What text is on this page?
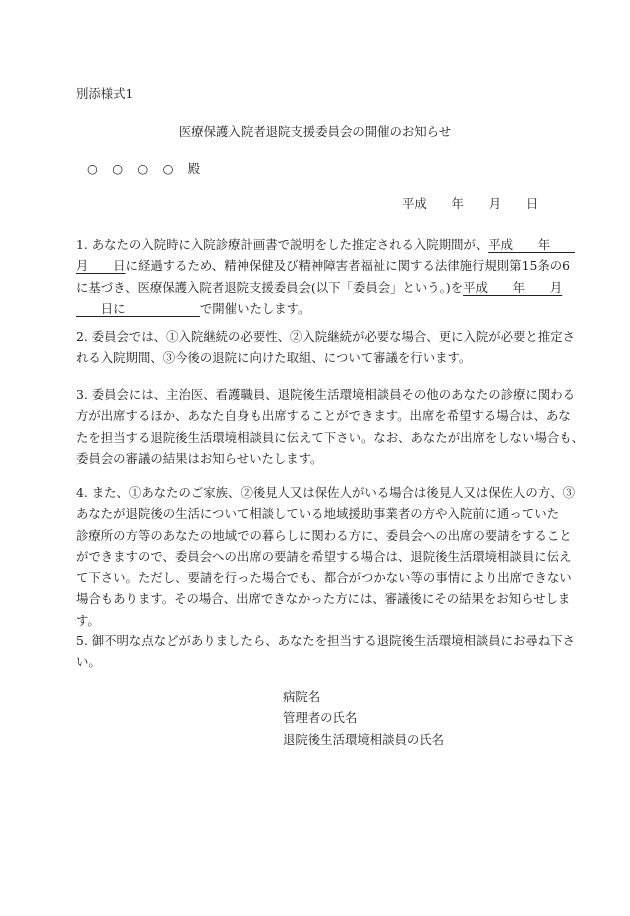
別添様式1
医療保護入院者退院支援委員会の開催のお知らせ
○　○　○　○　殿
平成　　年　　月　　日
1. あなたの入院時に入院診療計画書で説明をした推定される入院期間が、平成　　年　　
月　　日に経過するため、精神保健及び精神障害者福祉に関する法律施行規則第15条の6
に基づき、医療保護入院者退院支援委員会(以下「委員会」という。)を平成　　年　　月
　　日に　　　　　　で開催いたします。
2. 委員会では、①入院継続の必要性、②入院継続が必要な場合、更に入院が必要と推定さ
れる入院期間、③今後の退院に向けた取組、について審議を行います。
3. 委員会には、主治医、看護職員、退院後生活環境相談員その他のあなたの診療に関わる
方が出席するほか、あなた自身も出席することができます。出席を希望する場合は、あな
たを担当する退院後生活環境相談員に伝えて下さい。なお、あなたが出席をしない場合も、
委員会の審議の結果はお知らせいたします。
4. また、①あなたのご家族、②後見人又は保佐人がいる場合は後見人又は保佐人の方、③
あなたが退院後の生活について相談している地域援助事業者の方や入院前に通っていた
診療所の方等のあなたの地域での暮らしに関わる方に、委員会への出席の要請をすること
ができますので、委員会への出席の要請を希望する場合は、退院後生活環境相談員に伝え
て下さい。ただし、要請を行った場合でも、都合がつかない等の事情により出席できない
場合もあります。その場合、出席できなかった方には、審議後にその結果をお知らせしま
す。
5. 御不明な点などがありましたら、あなたを担当する退院後生活環境相談員にお尋ね下さ
い。
病院名
管理者の氏名
退院後生活環境相談員の氏名
